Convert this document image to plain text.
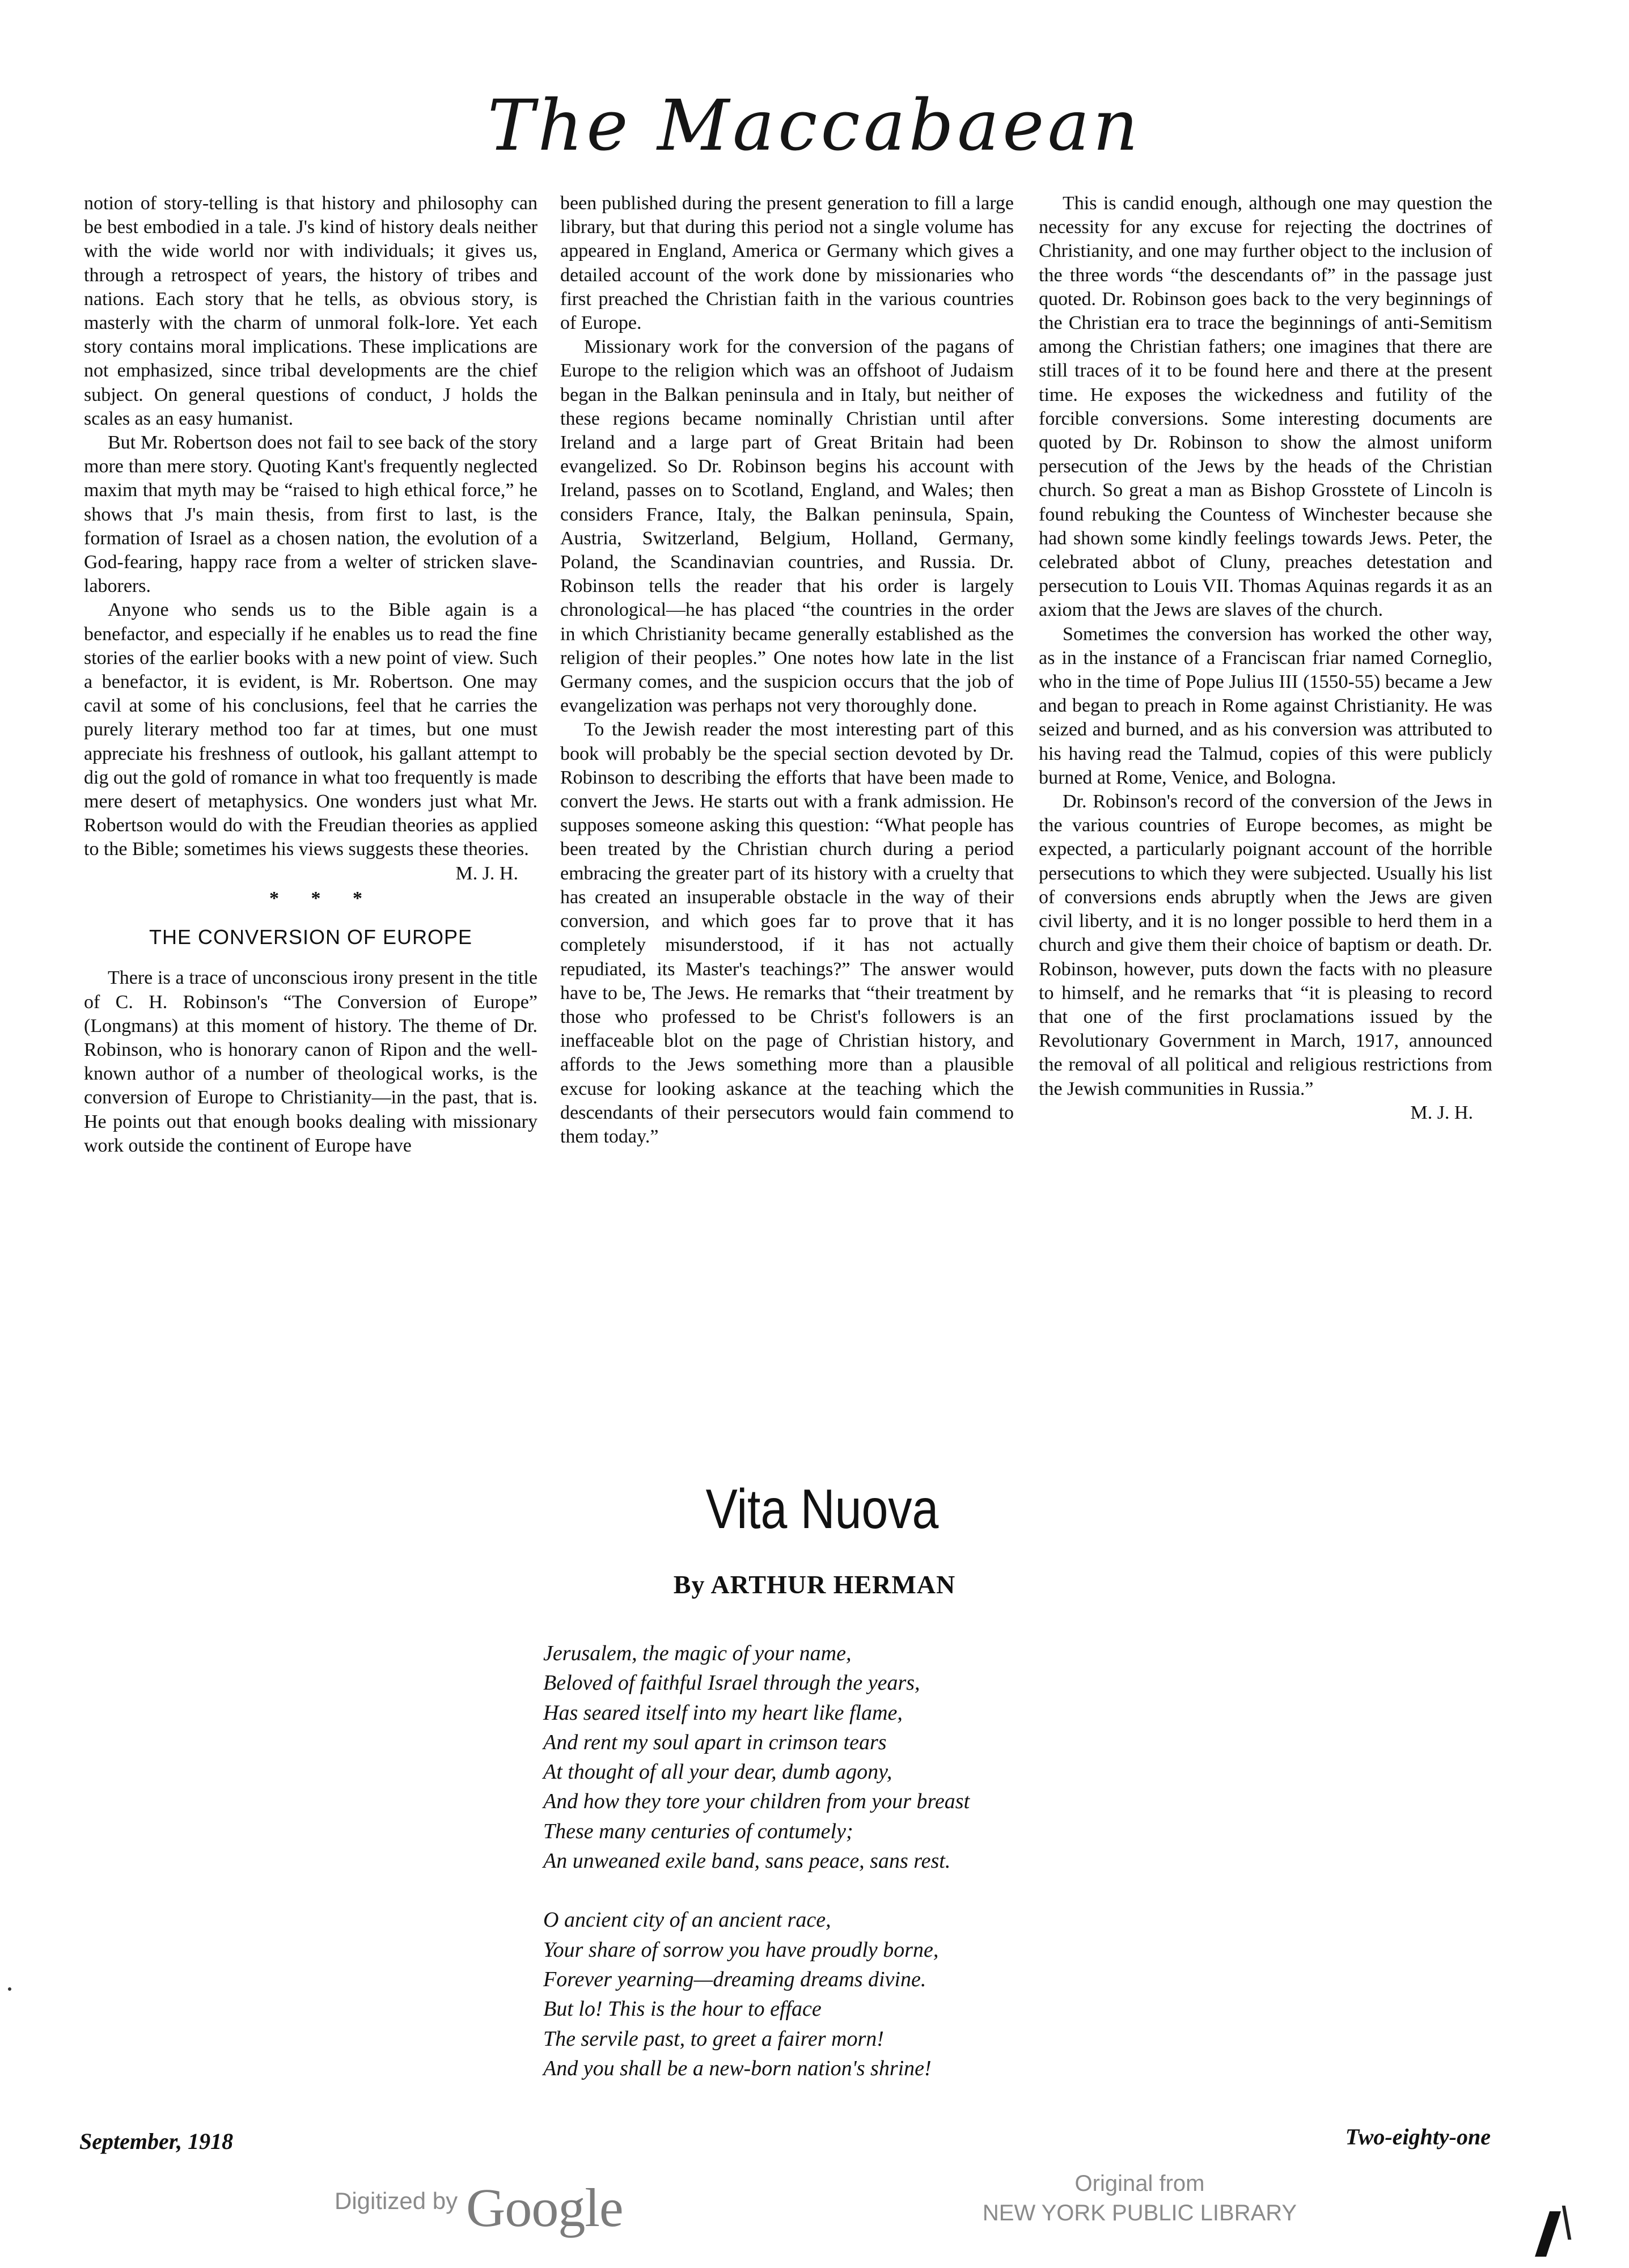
The Maccabaean

notion of story-telling is that history and philosophy can be best embodied in a tale. J's kind of history deals neither with the wide world nor with individuals; it gives us, through a retrospect of years, the history of tribes and nations. Each story that he tells, as obvious story, is masterly with the charm of unmoral folk-lore. Yet each story contains moral implications. These implications are not emphasized, since tribal developments are the chief subject. On general questions of conduct, J holds the scales as an easy humanist.

But Mr. Robertson does not fail to see back of the story more than mere story. Quoting Kant's frequently neglected maxim that myth may be “raised to high ethical force,” he shows that J's main thesis, from first to last, is the formation of Israel as a chosen nation, the evolution of a God-fearing, happy race from a welter of stricken slave-laborers.

Anyone who sends us to the Bible again is a benefactor, and especially if he enables us to read the fine stories of the earlier books with a new point of view. Such a benefactor, it is evident, is Mr. Robertson. One may cavil at some of his conclusions, feel that he carries the purely literary method too far at times, but one must appreciate his freshness of outlook, his gallant attempt to dig out the gold of romance in what too frequently is made mere desert of metaphysics. One wonders just what Mr. Robertson would do with the Freudian theories as applied to the Bible; sometimes his views suggests these theories.

M. J. H.

* * *

THE CONVERSION OF EUROPE

There is a trace of unconscious irony present in the title of C. H. Robinson's “The Conversion of Europe” (Longmans) at this moment of history. The theme of Dr. Robinson, who is honorary canon of Ripon and the well-known author of a number of theological works, is the conversion of Europe to Christianity—in the past, that is. He points out that enough books dealing with missionary work outside the continent of Europe have

been published during the present generation to fill a large library, but that during this period not a single volume has appeared in England, America or Germany which gives a detailed account of the work done by missionaries who first preached the Christian faith in the various countries of Europe.

Missionary work for the conversion of the pagans of Europe to the religion which was an offshoot of Judaism began in the Balkan peninsula and in Italy, but neither of these regions became nominally Christian until after Ireland and a large part of Great Britain had been evangelized. So Dr. Robinson begins his account with Ireland, passes on to Scotland, England, and Wales; then considers France, Italy, the Balkan peninsula, Spain, Austria, Switzerland, Belgium, Holland, Germany, Poland, the Scandinavian countries, and Russia. Dr. Robinson tells the reader that his order is largely chronological—he has placed “the countries in the order in which Christianity became generally established as the religion of their peoples.” One notes how late in the list Germany comes, and the suspicion occurs that the job of evangelization was perhaps not very thoroughly done.

To the Jewish reader the most interesting part of this book will probably be the special section devoted by Dr. Robinson to describing the efforts that have been made to convert the Jews. He starts out with a frank admission. He supposes someone asking this question: “What people has been treated by the Christian church during a period embracing the greater part of its history with a cruelty that has created an insuperable obstacle in the way of their conversion, and which goes far to prove that it has completely misunderstood, if it has not actually repudiated, its Master's teachings?” The answer would have to be, The Jews. He remarks that “their treatment by those who professed to be Christ's followers is an ineffaceable blot on the page of Christian history, and affords to the Jews something more than a plausible excuse for looking askance at the teaching which the descendants of their persecutors would fain commend to them today.”

This is candid enough, although one may question the necessity for any excuse for rejecting the doctrines of Christianity, and one may further object to the inclusion of the three words “the descendants of” in the passage just quoted. Dr. Robinson goes back to the very beginnings of the Christian era to trace the beginnings of anti-Semitism among the Christian fathers; one imagines that there are still traces of it to be found here and there at the present time. He exposes the wickedness and futility of the forcible conversions. Some interesting documents are quoted by Dr. Robinson to show the almost uniform persecution of the Jews by the heads of the Christian church. So great a man as Bishop Grosstete of Lincoln is found rebuking the Countess of Winchester because she had shown some kindly feelings towards Jews. Peter, the celebrated abbot of Cluny, preaches detestation and persecution to Louis VII. Thomas Aquinas regards it as an axiom that the Jews are slaves of the church.

Sometimes the conversion has worked the other way, as in the instance of a Franciscan friar named Corneglio, who in the time of Pope Julius III (1550-55) became a Jew and began to preach in Rome against Christianity. He was seized and burned, and as his conversion was attributed to his having read the Talmud, copies of this were publicly burned at Rome, Venice, and Bologna.

Dr. Robinson's record of the conversion of the Jews in the various countries of Europe becomes, as might be expected, a particularly poignant account of the horrible persecutions to which they were subjected. Usually his list of conversions ends abruptly when the Jews are given civil liberty, and it is no longer possible to herd them in a church and give them their choice of baptism or death. Dr. Robinson, however, puts down the facts with no pleasure to himself, and he remarks that “it is pleasing to record that one of the first proclamations issued by the Revolutionary Government in March, 1917, announced the removal of all political and religious restrictions from the Jewish communities in Russia.”

M. J. H.

Vita Nuova
By ARTHUR HERMAN
Jerusalem, the magic of your name,
Beloved of faithful Israel through the years,
Has seared itself into my heart like flame,
And rent my soul apart in crimson tears
At thought of all your dear, dumb agony,
And how they tore your children from your breast
These many centuries of contumely;
An unweaned exile band, sans peace, sans rest.
O ancient city of an ancient race,
Your share of sorrow you have proudly borne,
Forever yearning—dreaming dreams divine.
But lo! This is the hour to efface
The servile past, to greet a fairer morn!
And you shall be a new-born nation's shrine!
September, 1918	Two-eighty-one
Digitized by Google	Original from
NEW YORK PUBLIC LIBRARY
